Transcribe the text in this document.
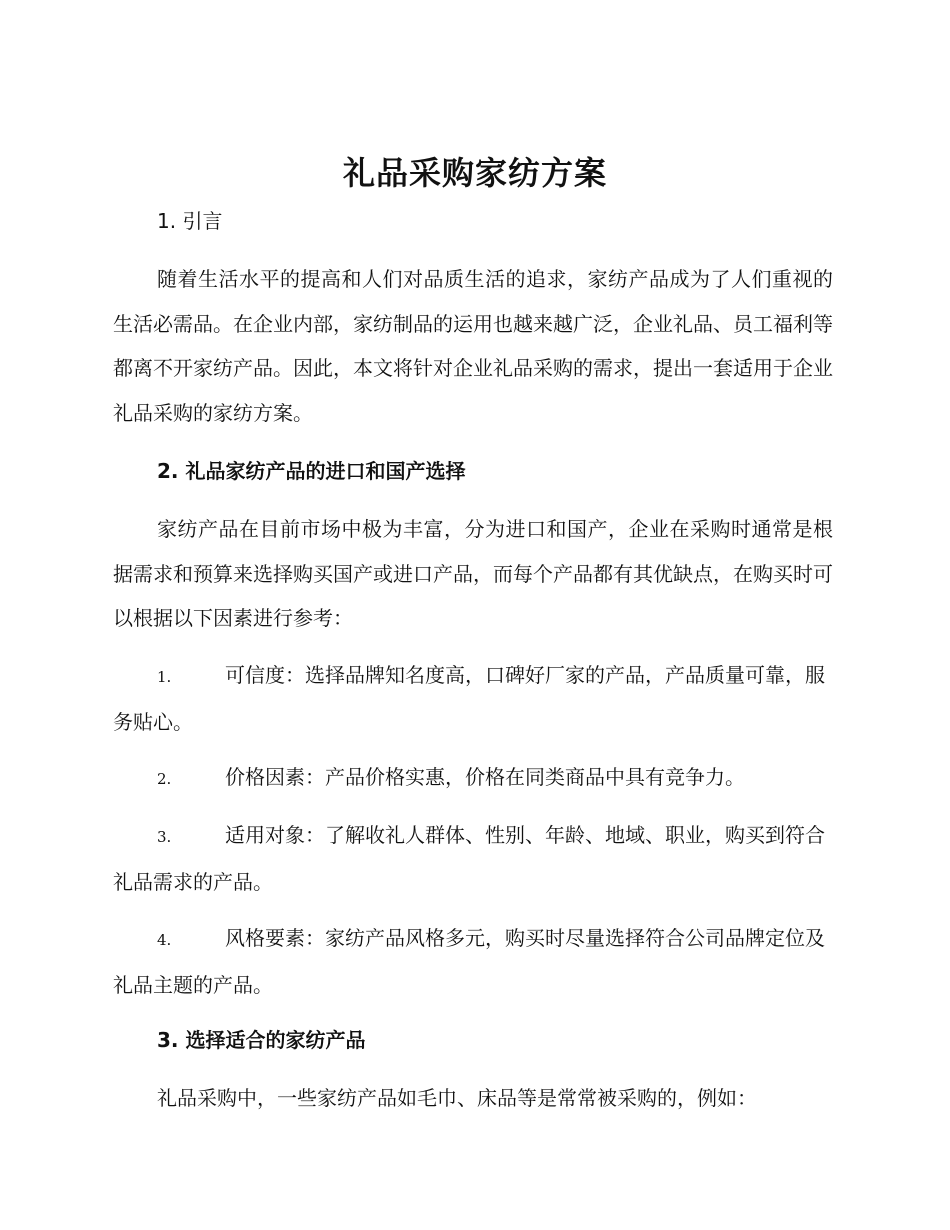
礼品采购家纺方案
1. 引言

随着生活水平的提高和人们对品质生活的追求，家纺产品成为了人们重视的生活必需品。在企业内部，家纺制品的运用也越来越广泛，企业礼品、员工福利等都离不开家纺产品。因此，本文将针对企业礼品采购的需求，提出一套适用于企业礼品采购的家纺方案。

2. 礼品家纺产品的进口和国产选择

家纺产品在目前市场中极为丰富，分为进口和国产，企业在采购时通常是根据需求和预算来选择购买国产或进口产品，而每个产品都有其优缺点，在购买时可以根据以下因素进行参考：

1.	可信度：选择品牌知名度高，口碑好厂家的产品，产品质量可靠，服务贴心。
2.	价格因素：产品价格实惠，价格在同类商品中具有竞争力。
3.	适用对象：了解收礼人群体、性别、年龄、地域、职业，购买到符合礼品需求的产品。
4.	风格要素：家纺产品风格多元，购买时尽量选择符合公司品牌定位及礼品主题的产品。
3. 选择适合的家纺产品

礼品采购中，一些家纺产品如毛巾、床品等是常常被采购的，例如：
